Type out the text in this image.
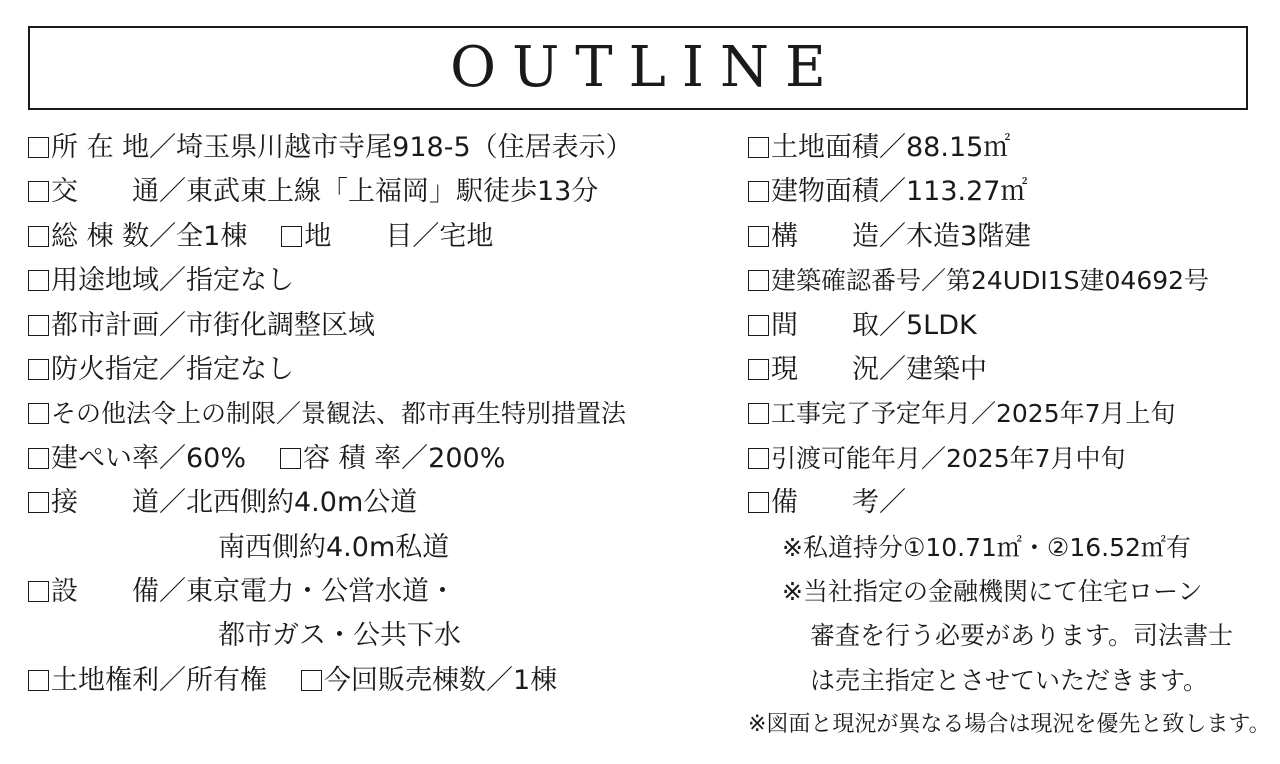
OUTLINE
所 在 地／埼玉県川越市寺尾918-5（住居表示）
交　　通／東武東上線「上福岡」駅徒歩13分
総 棟 数／全1棟 地　　目／宅地
用途地域／指定なし
都市計画／市街化調整区域
防火指定／指定なし
その他法令上の制限／景観法、都市再生特別措置法
建ぺい率／60% 容 積 率／200%
接　　道／北西側約4.0m公道
南西側約4.0m私道
設　　備／東京電力・公営水道・
都市ガス・公共下水
土地権利／所有権 今回販売棟数／1棟
土地面積／88.15㎡
建物面積／113.27㎡
構　　造／木造3階建
建築確認番号／第24UDI1S建04692号
間　　取／5LDK
現　　況／建築中
工事完了予定年月／2025年7月上旬
引渡可能年月／2025年7月中旬
備　　考／
※私道持分①10.71㎡・②16.52㎡有
※当社指定の金融機関にて住宅ローン
審査を行う必要があります。司法書士
は売主指定とさせていただきます。
※図面と現況が異なる場合は現況を優先と致します。
